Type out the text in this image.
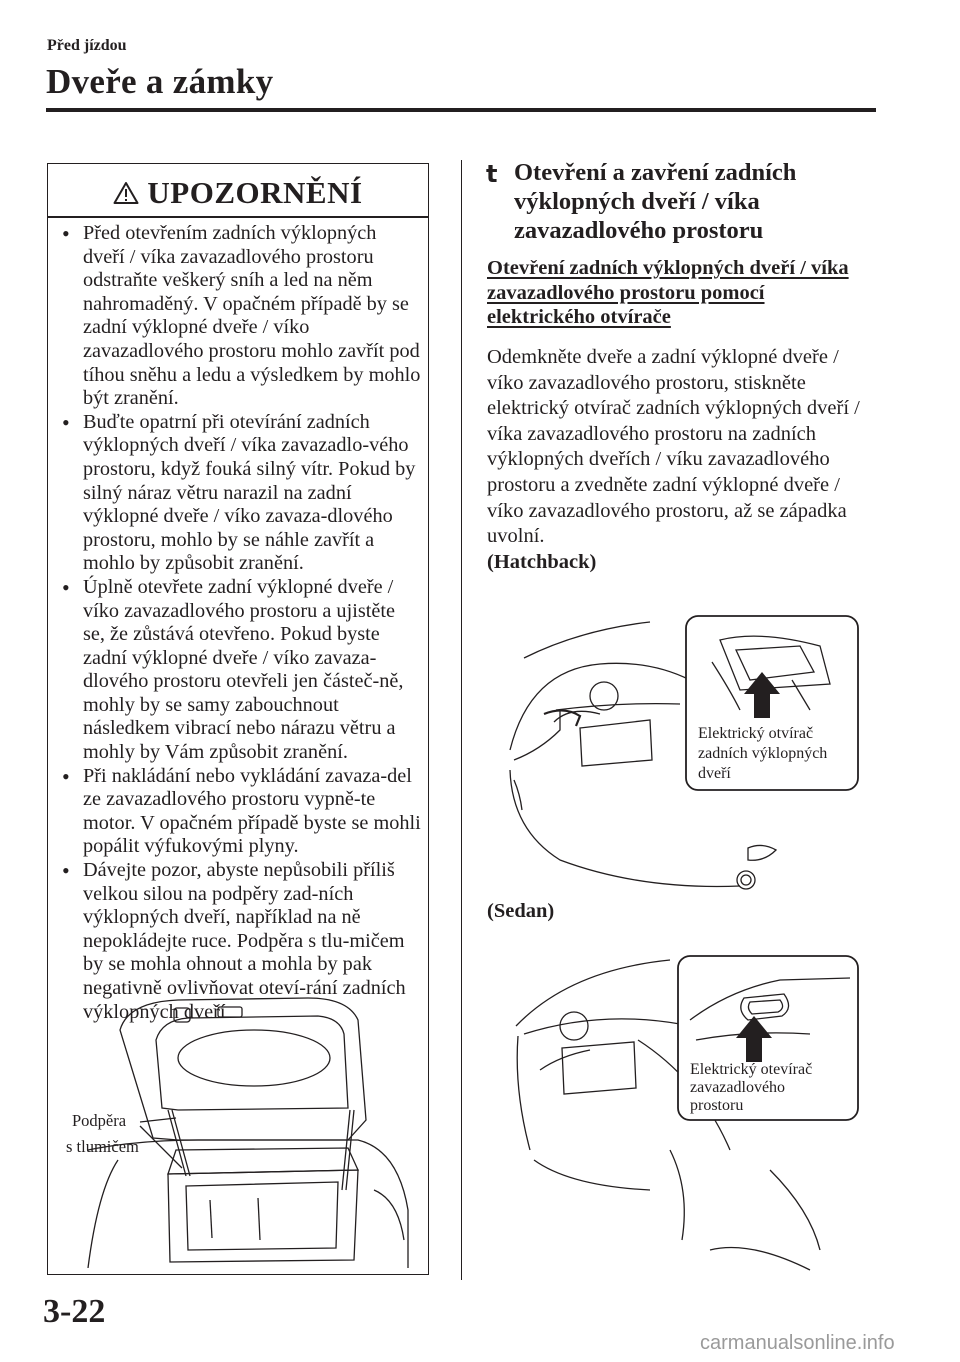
Před jízdou
Dveře a zámky
UPOZORNĚNÍ
• Před otevřením zadních výklopných dveří / víka zavazadlového prostoru odstraňte veškerý sníh a led na něm nahromaděný. V opačném případě by se zadní výklopné dveře / víko zavazadlového prostoru mohlo zavřít pod tíhou sněhu a ledu a výsledkem by mohlo být zranění.
• Buďte opatrní při otevírání zadních výklopných dveří / víka zavazadlo-vého prostoru, když fouká silný vítr. Pokud by silný náraz větru narazil na zadní výklopné dveře / víko zavaza-dlového prostoru, mohlo by se náhle zavřít a mohlo by způsobit zranění.
• Úplně otevřete zadní výklopné dveře / víko zavazadlového prostoru a ujistěte se, že zůstává otevřeno. Pokud byste zadní výklopné dveře / víko zavaza-dlového prostoru otevřeli jen částeč-ně, mohly by se samy zabouchnout následkem vibrací nebo nárazu větru a mohly by Vám způsobit zranění.
• Při nakládání nebo vykládání zavaza-del ze zavazadlového prostoru vypně-te motor. V opačném případě byste se mohli popálit výfukovými plyny.
• Dávejte pozor, abyste nepůsobili příliš velkou silou na podpěry zad-ních výklopných dveří, například na ně nepokládejte ruce. Podpěra s tlu-mičem by se mohla ohnout a mohla by pak negativně ovlivňovat oteví-rání zadních výklopných dveří
Podpěra
s tlumičem
t Otevření a zavření zadních výklopných dveří / víka zavazadlového prostoru
Otevření zadních výklopných dveří / víka zavazadlového prostoru pomocí elektrického otvírače
Odemkněte dveře a zadní výklopné dveře / víko zavazadlového prostoru, stiskněte elektrický otvírač zadních výklopných dveří / víka zavazadlového prostoru na zadních výklopných dveřích / víku zavazadlového prostoru a zvedněte zadní výklopné dveře / víko zavazadlového prostoru, až se západka uvolní.
(Hatchback)
Elektrický otvírač
zadních výklopných
dveří
(Sedan)
Elektrický otevírač
zavazadlového
prostoru
3-22
carmanualsonline.info
